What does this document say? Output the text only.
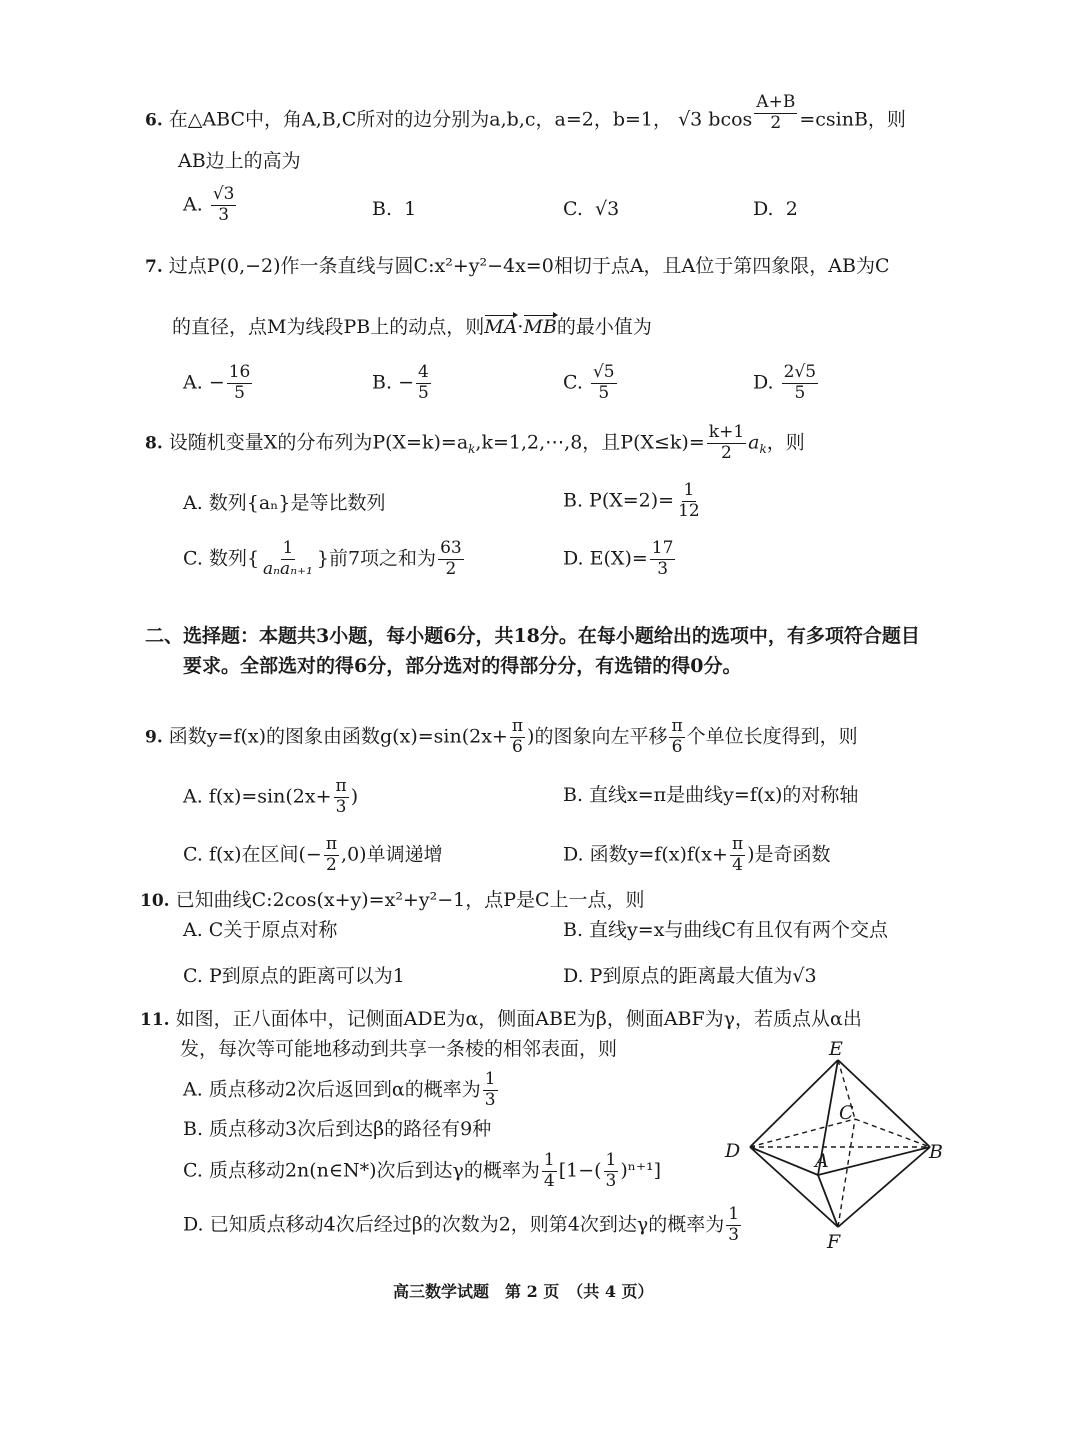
6. 在△ABC中，角A,B,C所对的边分别为a,b,c，a=2，b=1， √3 bcos $\frac{A+B}{2} =csinB$，则
AB边上的高为
A. $\frac{√3}{3}$	B. 1	C. √3	D. 2
7. 过点P(0,−2)作一条直线与圆C:x²+y²−4x=0相切于点A，且A位于第四象限，AB为C
的直径，点M为线段PB上的动点，则MA·MB的最小值为
A. − $\frac{16}{5}$	B. − $\frac{4}{5}$	C. $\frac{√5}{5}$	D. $\frac{2√5}{5}$
8. 设随机变量X的分布列为$P(X=k)=a_k,k=1,2,\cdots,8$，且$P(X\le k)= \frac{k+1}{2} a_k$，则
A. 数列{aₙ}是等比数列	B. $P(X=2)= \frac{1}{12}$
C. 数列{ $\frac{1}{\text{aₙaₙ₊₁}}$ }前7项之和为 $\frac{63}{2}$	D. $E(X)= \frac{17}{3}$
二、选择题：本题共3小题，每小题6分，共18分。在每小题给出的选项中，有多项符合题目
要求。全部选对的得6分，部分选对的得部分分，有选错的得0分。
9. 函数y=f(x)的图象由函数$g(x)=\sin(2x+ \frac{\pi}{6}$ )的图象向左平移 $\frac{\pi}{6}$ 个单位长度得到，则
A. $f(x)=\sin(2x+ \frac{\pi}{3}$ )	B. 直线x=π是曲线y=f(x)的对称轴
C. f(x)在区间(− $\frac{\pi}{2} ,0$)单调递增	D. 函数$y=f(x)f(x+ \frac{\pi}{4}$ )是奇函数
10. 已知曲线C:2cos(x+y)=x²+y²−1，点P是C上一点，则
A. C关于原点对称	B. 直线y=x与曲线C有且仅有两个交点
C. P到原点的距离可以为1	D. P到原点的距离最大值为√3
11. 如图，正八面体中，记侧面ADE为α，侧面ABE为β，侧面ABF为γ，若质点从α出
发，每次等可能地移动到共享一条棱的相邻表面，则
A. 质点移动2次后返回到α的概率为 $\frac{1}{3}$
B. 质点移动3次后到达β的路径有9种
C. 质点移动2n(n∈N*)次后到达γ的概率为 $\frac{1}{4} [1-( \frac{1}{3} )^{n+1}]$
D. 已知质点移动4次后经过β的次数为2，则第4次到达γ的概率为 $\frac{1}{3}$
E
C
D	A	B
F
高三数学试题　第 2 页　（共 4 页）
